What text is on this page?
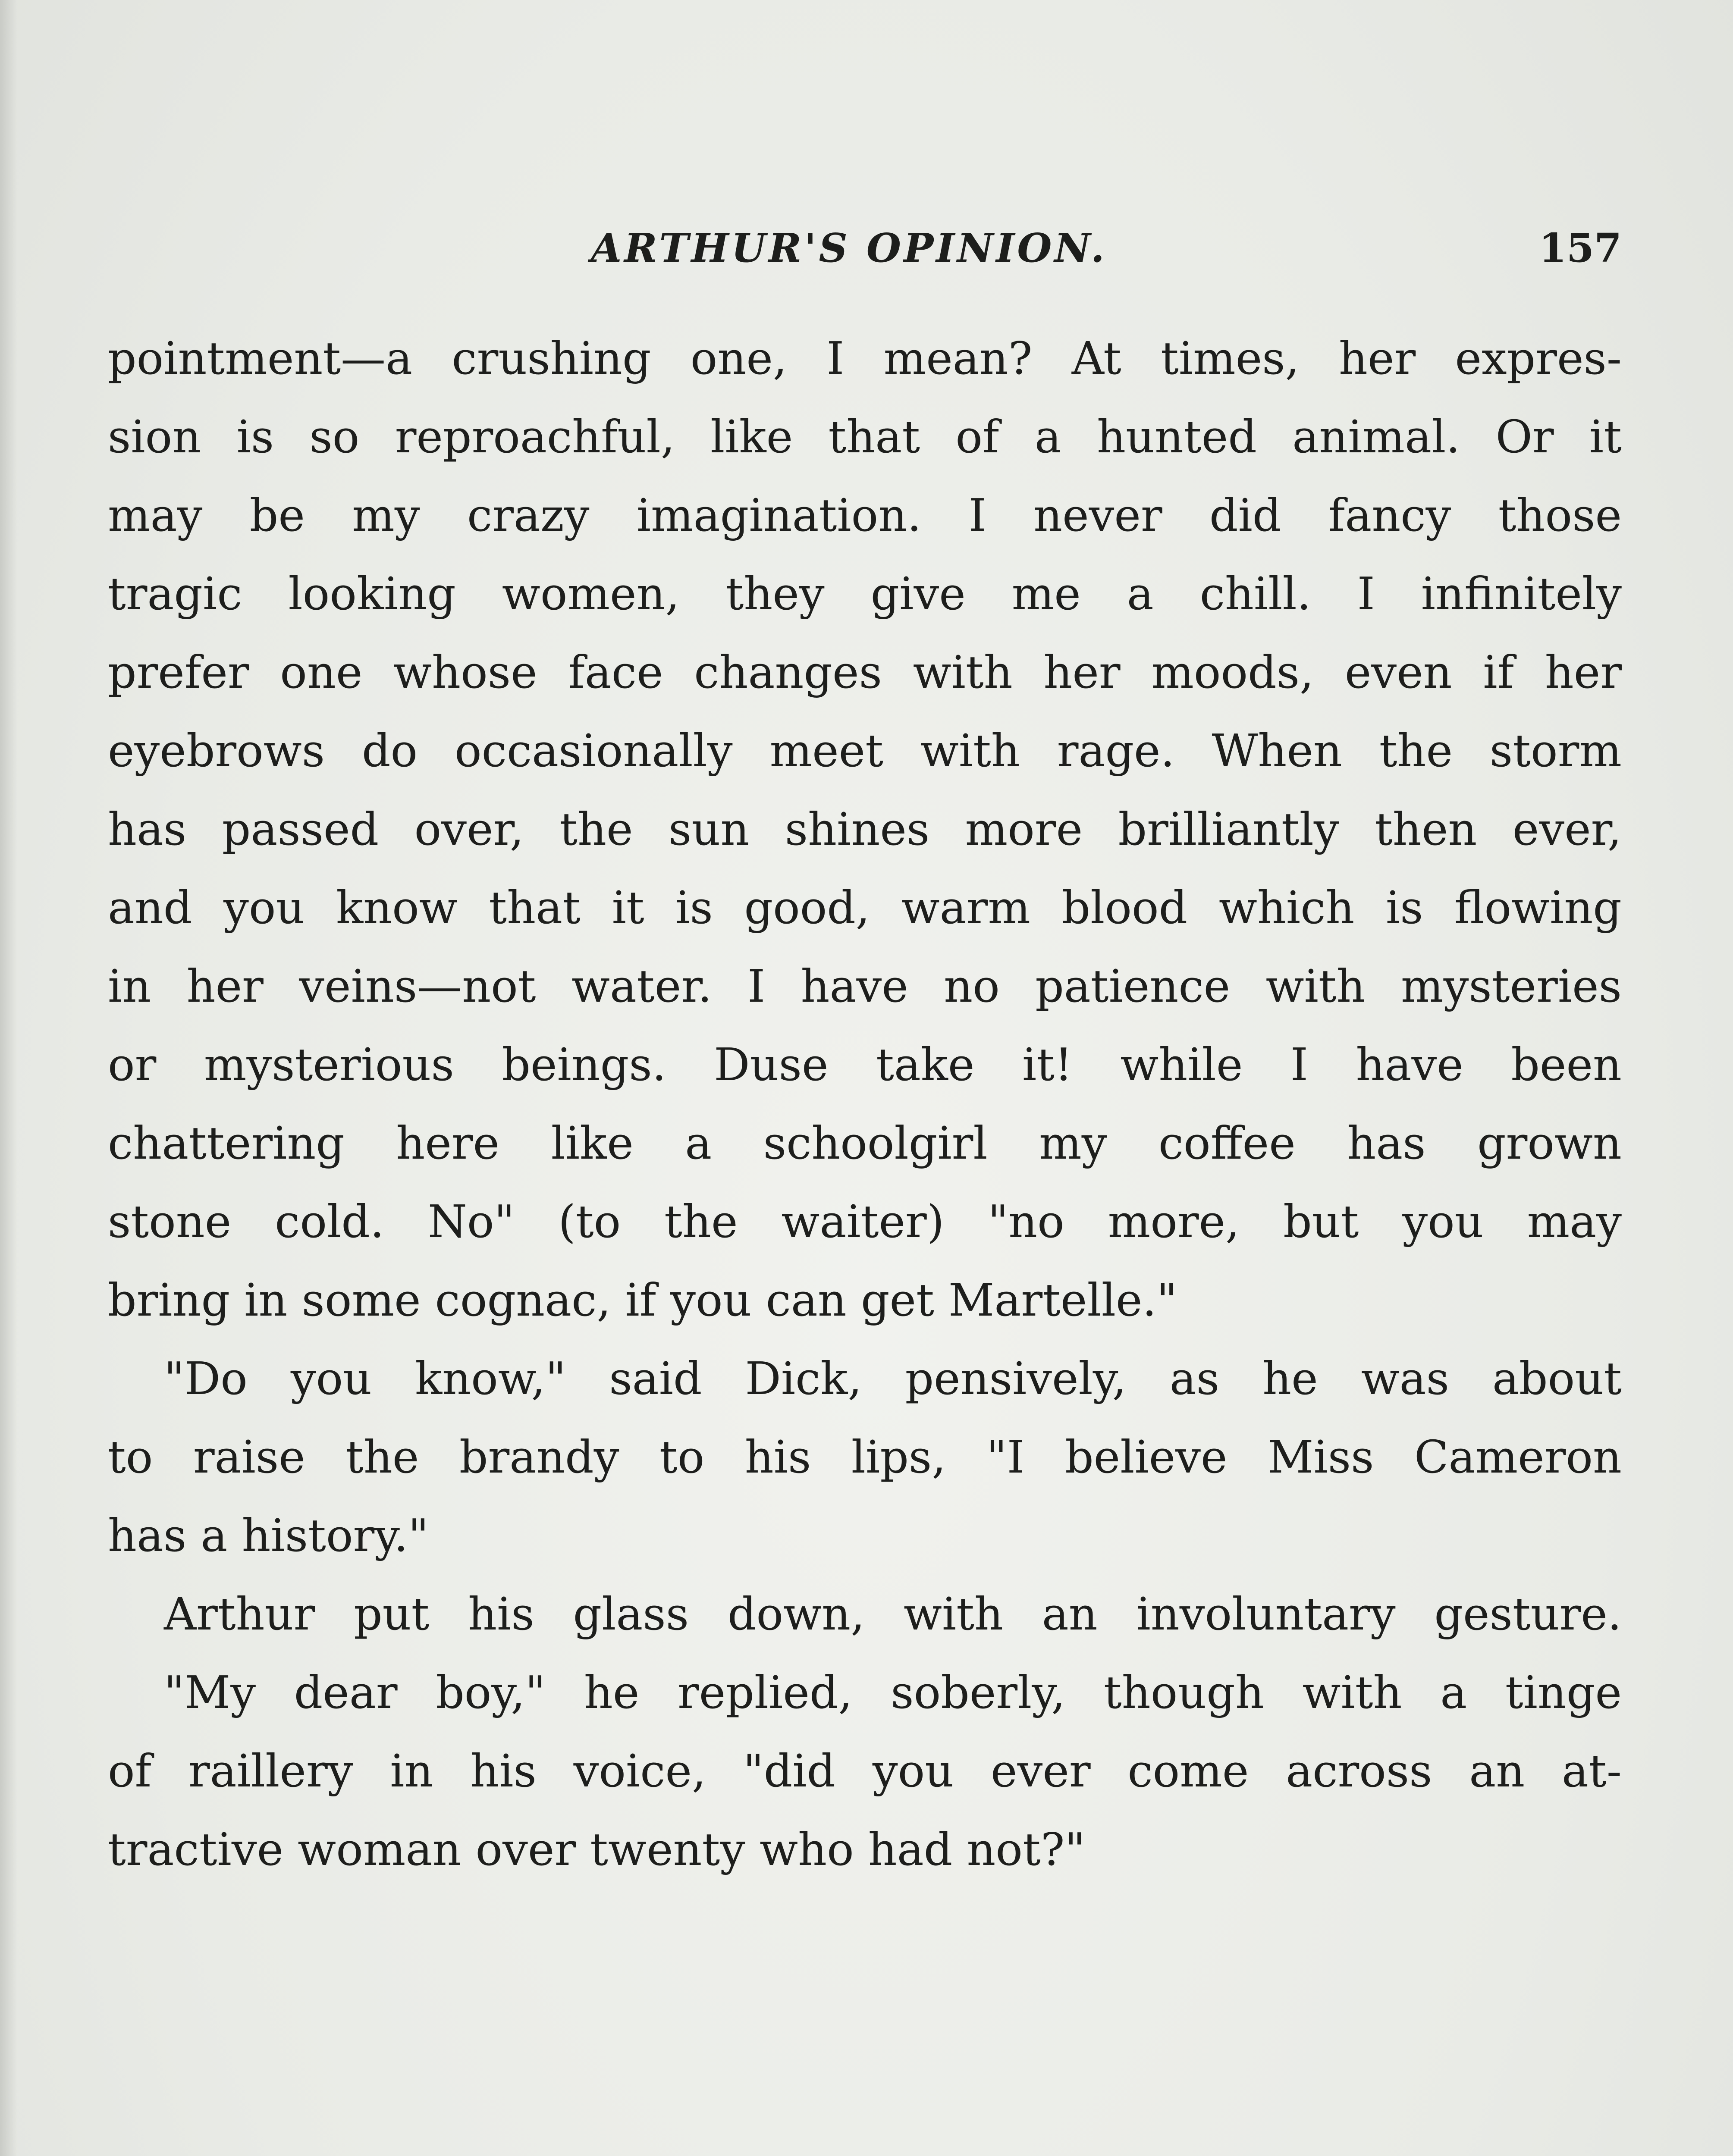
ARTHUR'S OPINION.	157
pointment—a crushing one, I mean? At times, her expres-
sion is so reproachful, like that of a hunted animal. Or it
may be my crazy imagination. I never did fancy those
tragic looking women, they give me a chill. I infinitely
prefer one whose face changes with her moods, even if her
eyebrows do occasionally meet with rage. When the storm
has passed over, the sun shines more brilliantly then ever,
and you know that it is good, warm blood which is flowing
in her veins—not water. I have no patience with mysteries
or mysterious beings. Duse take it! while I have been
chattering here like a schoolgirl my coffee has grown
stone cold. No" (to the waiter) "no more, but you may
bring in some cognac, if you can get Martelle."
"Do you know," said Dick, pensively, as he was about
to raise the brandy to his lips, "I believe Miss Cameron
has a history."
Arthur put his glass down, with an involuntary gesture.
"My dear boy," he replied, soberly, though with a tinge
of raillery in his voice, "did you ever come across an at-
tractive woman over twenty who had not?"
